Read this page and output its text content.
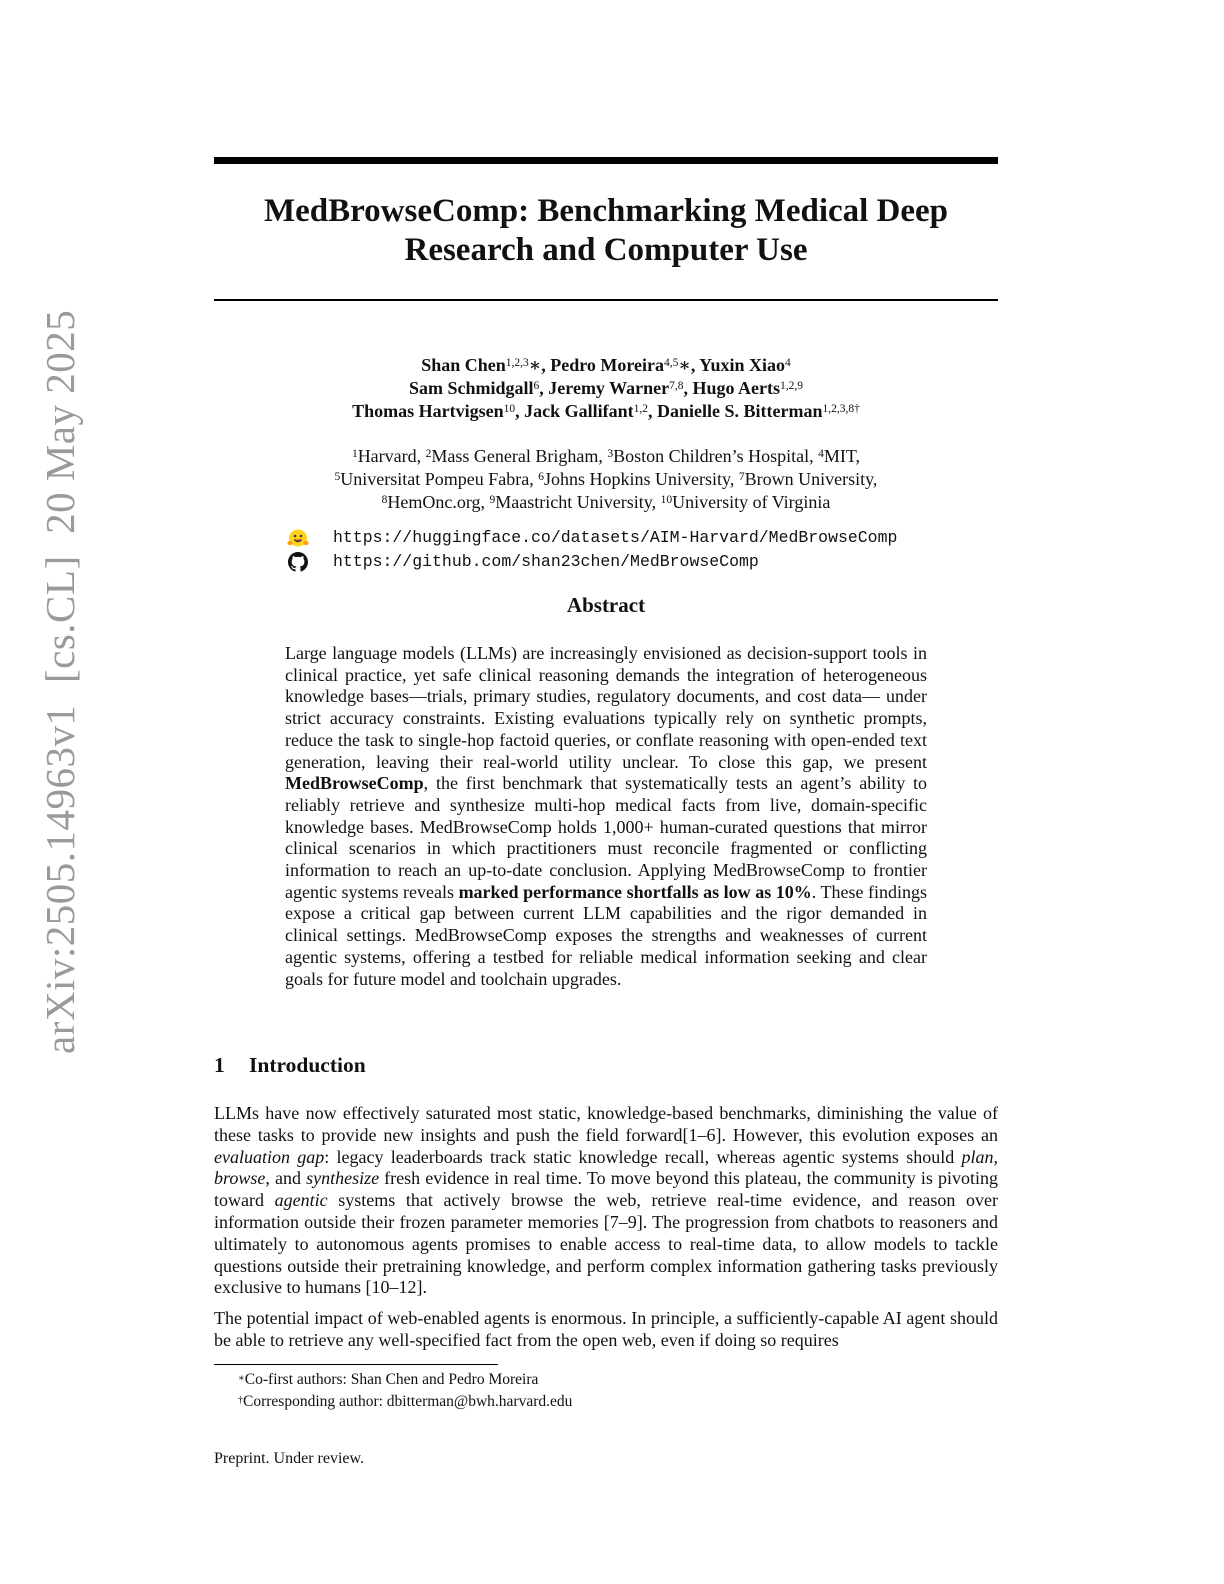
arXiv:2505.14963v1  [cs.CL]  20 May 2025
MedBrowseComp: Benchmarking Medical Deep
Research and Computer Use
Shan Chen$^{1,2,3}$∗, Pedro Moreira$^{4,5}$∗, Yuxin Xiao$^4$
Sam Schmidgall$^6$, Jeremy Warner$^{7,8}$, Hugo Aerts$^{1,2,9}$
Thomas Hartvigsen$^{10}$, Jack Gallifant$^{1,2}$, Danielle S. Bitterman$^{1,2,3,8\dagger}$
$^1$Harvard, $^2$Mass General Brigham, $^3$Boston Children’s Hospital, $^4$MIT,
$^5$Universitat Pompeu Fabra, $^6$Johns Hopkins University, $^7$Brown University,
$^8$HemOnc.org, $^9$Maastricht University, $^{10}$University of Virginia
https://huggingface.co/datasets/AIM-Harvard/MedBrowseComp
https://github.com/shan23chen/MedBrowseComp
Abstract
Large language models (LLMs) are increasingly envisioned as decision-support tools in clinical practice, yet safe clinical reasoning demands the integration of heterogeneous knowledge bases—trials, primary studies, regulatory documents, and cost data— under strict accuracy constraints. Existing evaluations typically rely on synthetic prompts, reduce the task to single-hop factoid queries, or conflate reasoning with open-ended text generation, leaving their real-world utility unclear. To close this gap, we present MedBrowseComp, the first benchmark that systematically tests an agent’s ability to reliably retrieve and synthesize multi-hop medical facts from live, domain-specific knowledge bases. MedBrowseComp holds 1,000+ human-curated questions that mirror clinical scenarios in which practitioners must reconcile fragmented or conflicting information to reach an up-to-date conclusion. Applying MedBrowseComp to frontier agentic systems reveals marked performance shortfalls as low as 10%. These findings expose a critical gap between current LLM capabilities and the rigor demanded in clinical settings. MedBrowseComp exposes the strengths and weaknesses of current agentic systems, offering a testbed for reliable medical information seeking and clear goals for future model and toolchain upgrades.
1 Introduction
LLMs have now effectively saturated most static, knowledge-based benchmarks, diminishing the value of these tasks to provide new insights and push the field forward[1–6]. However, this evolution exposes an evaluation gap: legacy leaderboards track static knowledge recall, whereas agentic systems should plan, browse, and synthesize fresh evidence in real time. To move beyond this plateau, the community is pivoting toward agentic systems that actively browse the web, retrieve real-time evidence, and reason over information outside their frozen parameter memories [7–9]. The progression from chatbots to reasoners and ultimately to autonomous agents promises to enable access to real-time data, to allow models to tackle questions outside their pretraining knowledge, and perform complex information gathering tasks previously exclusive to humans [10–12].
The potential impact of web-enabled agents is enormous. In principle, a sufficiently-capable AI agent should be able to retrieve any well-specified fact from the open web, even if doing so requires
∗Co-first authors: Shan Chen and Pedro Moreira
†Corresponding author: dbitterman@bwh.harvard.edu
Preprint. Under review.
